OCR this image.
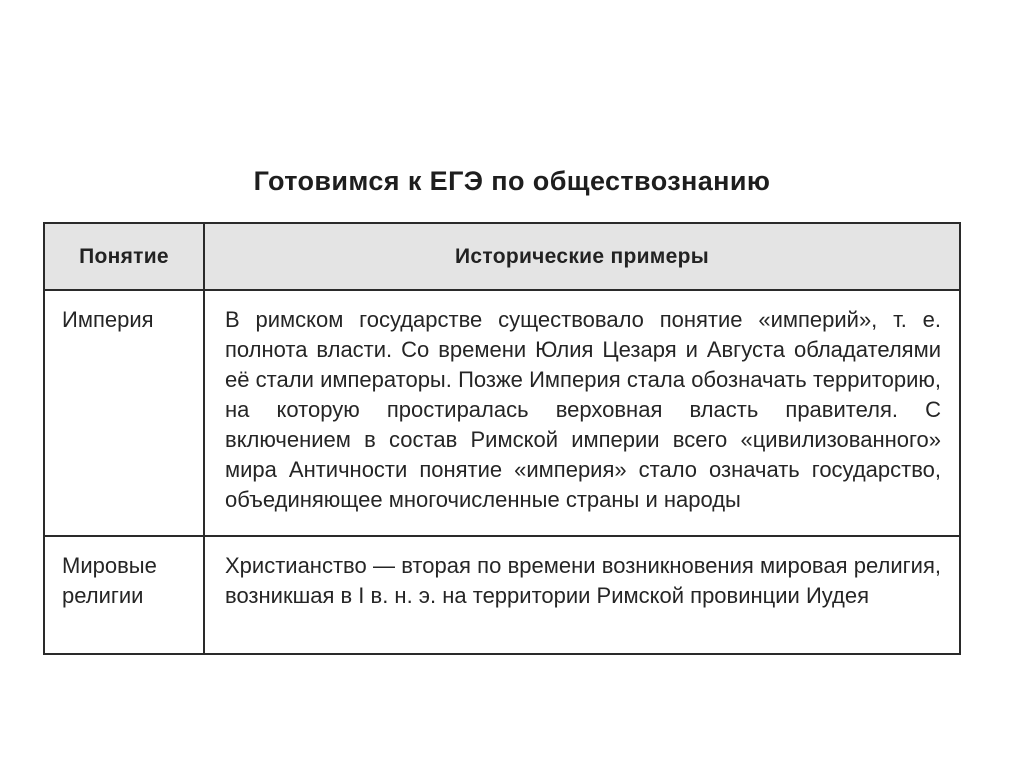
Готовимся к ЕГЭ по обществознанию
Понятие	Исторические примеры
Империя	В римском государстве существовало понятие «империй», т. е. полнота власти. Со времени Юлия Цезаря и Августа обладателями её стали императоры. Позже Империя стала обозначать территорию, на которую простиралась верховная власть правителя. С включением в состав Римской империи всего «цивилизованного» мира Античности понятие «империя» стало означать государство, объединяющее многочисленные страны и народы
Мировые религии	Христианство — вторая по времени возникновения мировая религия, возникшая в I в. н. э. на территории Римской провинции Иудея
